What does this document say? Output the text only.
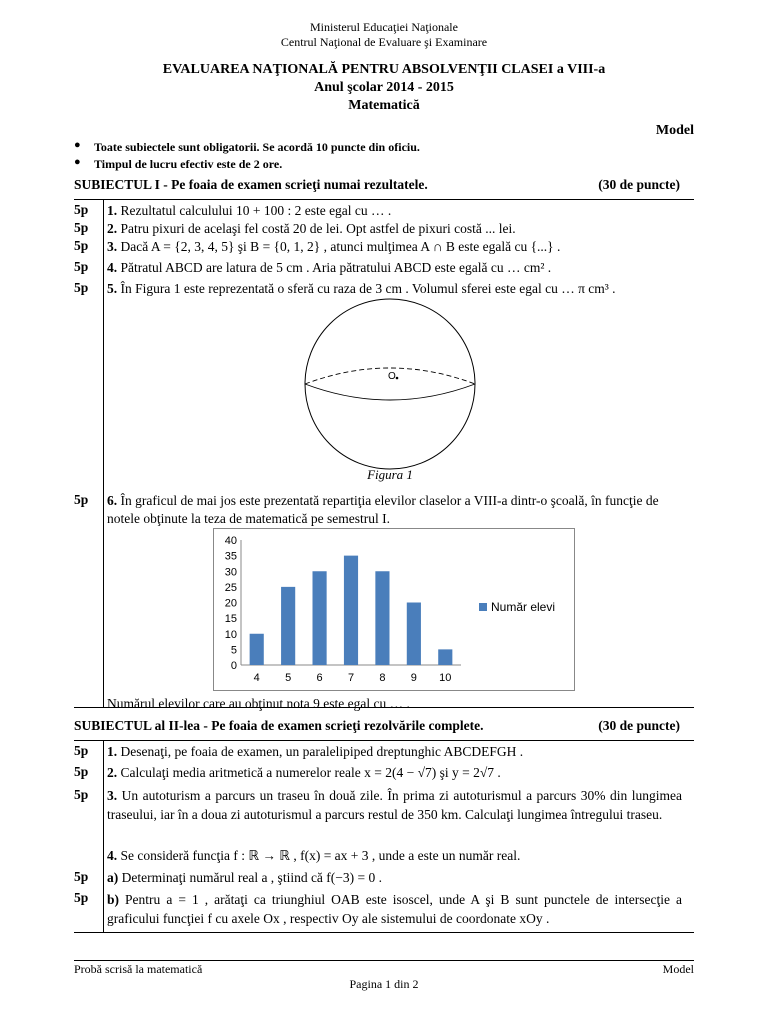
Ministerul Educaţiei Naţionale
Centrul Naţional de Evaluare şi Examinare
EVALUAREA NAŢIONALĂ PENTRU ABSOLVENŢII CLASEI a VIII-a
Anul şcolar 2014 - 2015
Matematică
Model
● Toate subiectele sunt obligatorii. Se acordă 10 puncte din oficiu.
● Timpul de lucru efectiv este de 2 ore.
SUBIECTUL I - Pe foaia de examen scrieţi numai rezultatele.	(30 de puncte)
5p	1. Rezultatul calculului 10 + 100 : 2 este egal cu … .
5p	2. Patru pixuri de acelaşi fel costă 20 de lei. Opt astfel de pixuri costă ... lei.
5p	3. Dacă A = {2, 3, 4, 5} şi B = {0, 1, 2} , atunci mulţimea A ∩ B este egală cu {...} .
5p	4. Pătratul ABCD are latura de 5 cm . Aria pătratului ABCD este egală cu … cm² .
5p	5. În Figura 1 este reprezentată o sferă cu raza de 3 cm . Volumul sferei este egal cu … π cm³ .
O
Figura 1
5p	6. În graficul de mai jos este prezentată repartiţia elevilor claselor a VIII-a dintr-o şcoală, în funcţie de notele obţinute la teza de matematică pe semestrul I.
0
5
10
15
20
25
30
35
40
4 5 6 7 8 9 10
Număr elevi
Numărul elevilor care au obţinut nota 9 este egal cu … .
SUBIECTUL al II-lea - Pe foaia de examen scrieţi rezolvările complete.	(30 de puncte)
5p	1. Desenaţi, pe foaia de examen, un paralelipiped dreptunghic ABCDEFGH .
5p	2. Calculaţi media aritmetică a numerelor reale x = 2(4 − √7) şi y = 2√7 .
5p	3. Un autoturism a parcurs un traseu în două zile. În prima zi autoturismul a parcurs 30% din lungimea traseului, iar în a doua zi autoturismul a parcurs restul de 350 km. Calculaţi lungimea întregului traseu.
4. Se consideră funcţia f : ℝ → ℝ , f(x) = ax + 3 , unde a este un număr real.
5p	a) Determinaţi numărul real a , ştiind că f(−3) = 0 .
5p	b) Pentru a = 1 , arătaţi ca triunghiul OAB este isoscel, unde A şi B sunt punctele de intersecţie a graficului funcţiei f cu axele Ox , respectiv Oy ale sistemului de coordonate xOy .
Probă scrisă la matematică	Model
Pagina 1 din 2
